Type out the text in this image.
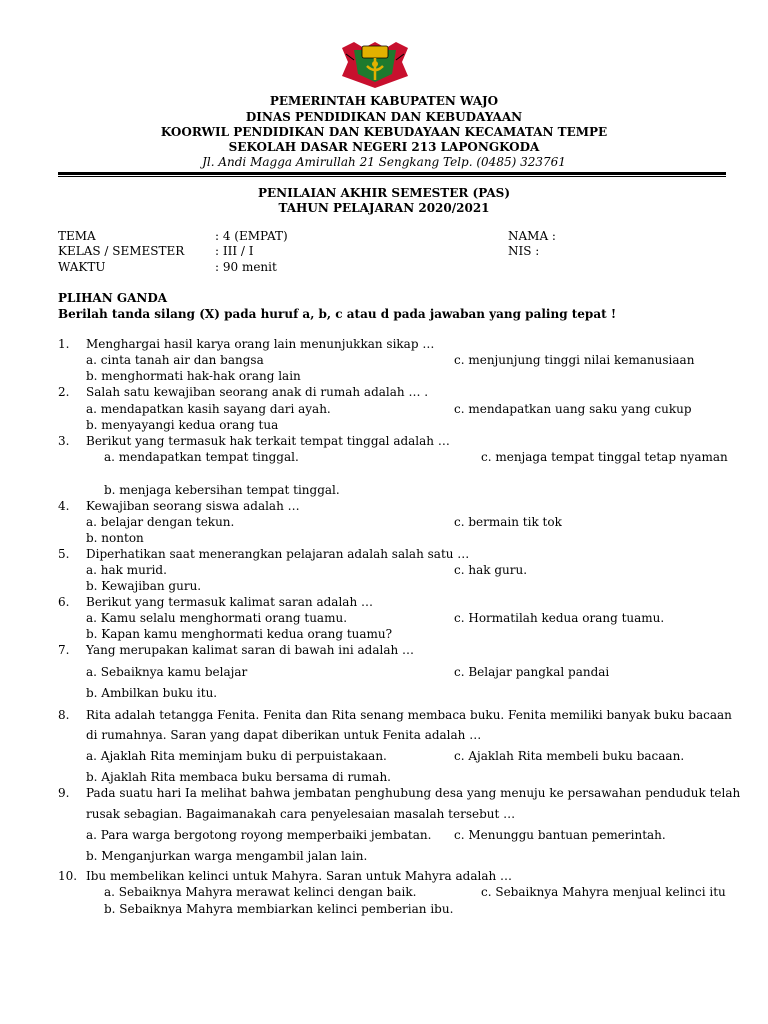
PEMERINTAH KABUPATEN WAJO
DINAS PENDIDIKAN DAN KEBUDAYAAN
KOORWIL PENDIDIKAN DAN KEBUDAYAAN KECAMATAN TEMPE
SEKOLAH DASAR NEGERI 213 LAPONGKODA
Jl. Andi Magga Amirullah 21 Sengkang Telp. (0485) 323761
PENILAIAN AKHIR SEMESTER (PAS)
TAHUN PELAJARAN 2020/2021
TEMA	: 4 (EMPAT)
KELAS / SEMESTER	: III / I
WAKTU	: 90 menit
NAMA :
NIS :
PLIHAN GANDA
Berilah tanda silang (X) pada huruf a, b, c atau d pada jawaban yang paling tepat !
1. Menghargai hasil karya orang lain menunjukkan sikap …
a. cinta tanah air dan bangsa	c. menjunjung tinggi nilai kemanusiaan
b. menghormati hak-hak orang lain
2. Salah satu kewajiban seorang anak di rumah adalah … .
a. mendapatkan kasih sayang dari ayah.	c. mendapatkan uang saku yang cukup
b. menyayangi kedua orang tua
3. Berikut yang termasuk hak terkait tempat tinggal adalah …
a. mendapatkan tempat tinggal.	c. menjaga tempat tinggal tetap nyaman
b. menjaga kebersihan tempat tinggal.
4. Kewajiban seorang siswa adalah …
a. belajar dengan tekun.	c. bermain tik tok
b. nonton
5. Diperhatikan saat menerangkan pelajaran adalah salah satu …
a. hak murid.	c. hak guru.
b. Kewajiban guru.
6. Berikut yang termasuk kalimat saran adalah …
a. Kamu selalu menghormati orang tuamu.	c. Hormatilah kedua orang tuamu.
b. Kapan kamu menghormati kedua orang tuamu?
7. Yang merupakan kalimat saran di bawah ini adalah …
a. Sebaiknya kamu belajar	c. Belajar pangkal pandai
b. Ambilkan buku itu.
8. Rita adalah tetangga Fenita. Fenita dan Rita senang membaca buku. Fenita memiliki banyak buku bacaan
di rumahnya. Saran yang dapat diberikan untuk Fenita adalah …
a. Ajaklah Rita meminjam buku di perpuistakaan.	c. Ajaklah Rita membeli buku bacaan.
b. Ajaklah Rita membaca buku bersama di rumah.
9. Pada suatu hari Ia melihat bahwa jembatan penghubung desa yang menuju ke persawahan penduduk telah
rusak sebagian. Bagaimanakah cara penyelesaian masalah tersebut …
a. Para warga bergotong royong memperbaiki jembatan. c. Menunggu bantuan pemerintah.
b. Menganjurkan warga mengambil jalan lain.
10. Ibu membelikan kelinci untuk Mahyra. Saran untuk Mahyra adalah …
a. Sebaiknya Mahyra merawat kelinci dengan baik.	c. Sebaiknya Mahyra menjual kelinci itu
b. Sebaiknya Mahyra membiarkan kelinci pemberian ibu.
